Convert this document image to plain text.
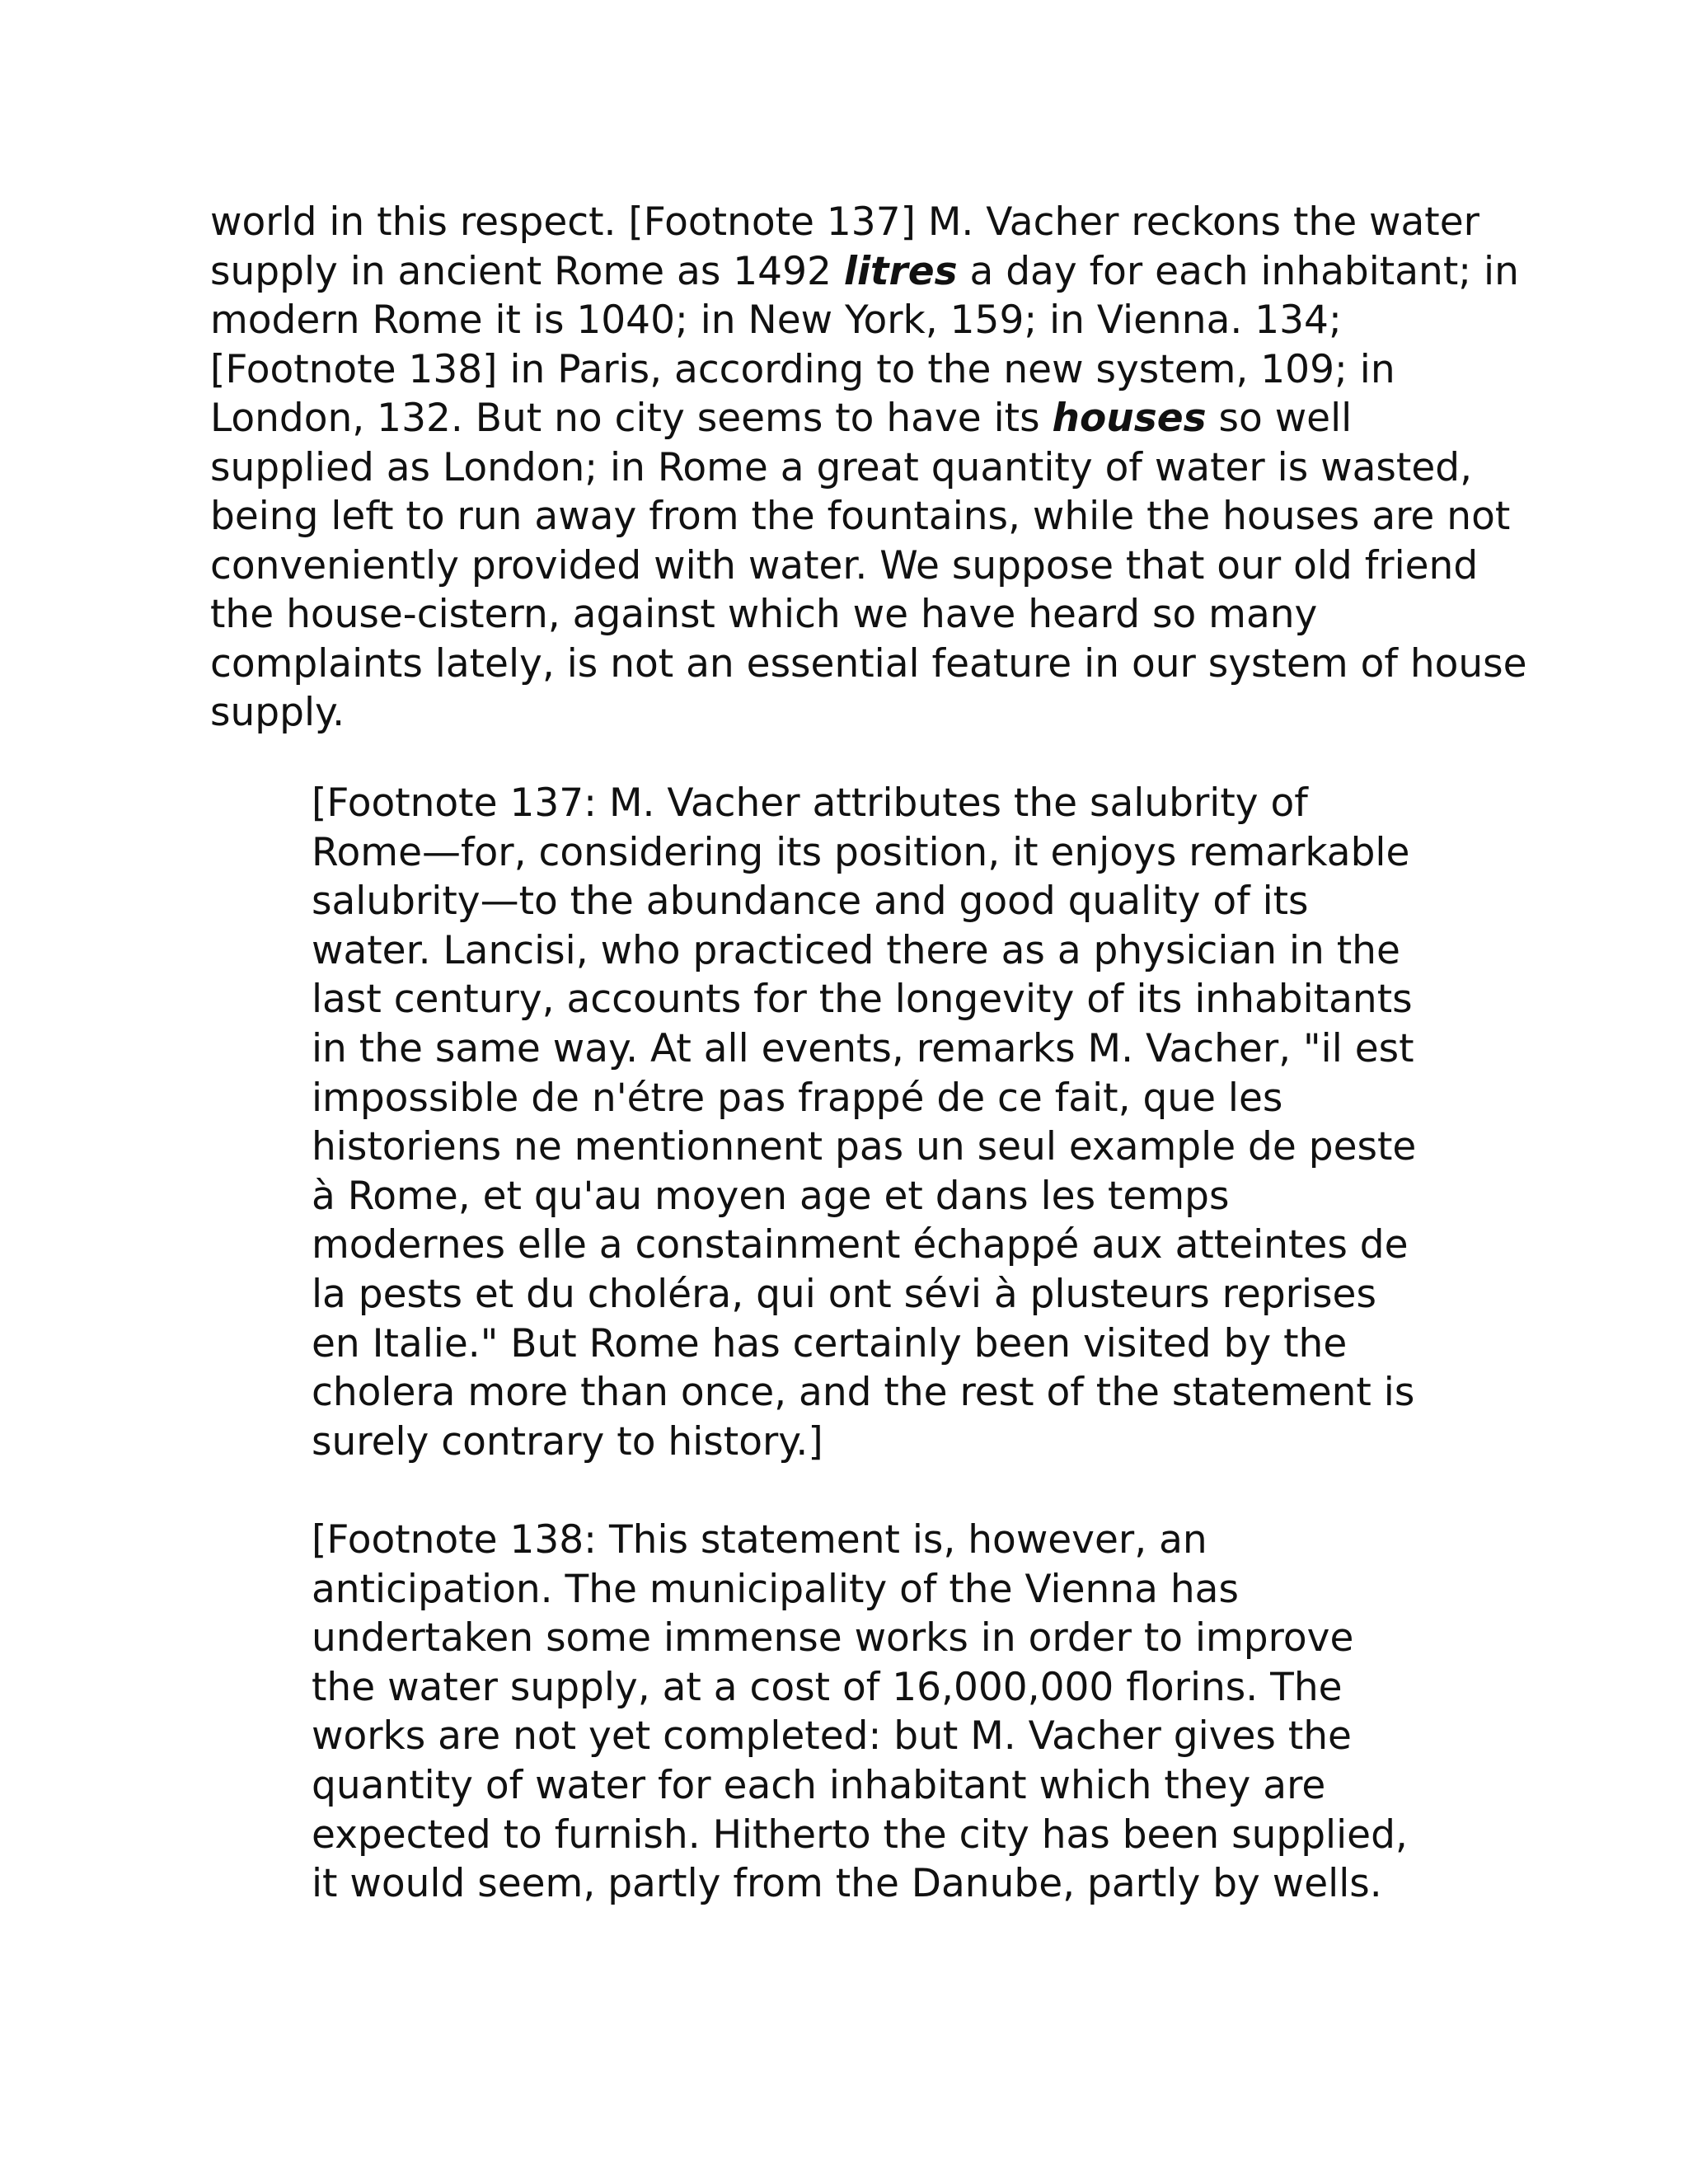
world in this respect. [Footnote 137] M. Vacher reckons the water
supply in ancient Rome as 1492 litres a day for each inhabitant; in
modern Rome it is 1040; in New York, 159; in Vienna. 134;
[Footnote 138] in Paris, according to the new system, 109; in
London, 132. But no city seems to have its houses so well
supplied as London; in Rome a great quantity of water is wasted,
being left to run away from the fountains, while the houses are not
conveniently provided with water. We suppose that our old friend
the house-cistern, against which we have heard so many
complaints lately, is not an essential feature in our system of house
supply.

[Footnote 137: M. Vacher attributes the salubrity of
Rome—for, considering its position, it enjoys remarkable
salubrity—to the abundance and good quality of its
water. Lancisi, who practiced there as a physician in the
last century, accounts for the longevity of its inhabitants
in the same way. At all events, remarks M. Vacher, "il est
impossible de n'étre pas frappé de ce fait, que les
historiens ne mentionnent pas un seul example de peste
à Rome, et qu'au moyen age et dans les temps
modernes elle a constainment échappé aux atteintes de
la pests et du choléra, qui ont sévi à plusteurs reprises
en Italie." But Rome has certainly been visited by the
cholera more than once, and the rest of the statement is
surely contrary to history.]

[Footnote 138: This statement is, however, an
anticipation. The municipality of the Vienna has
undertaken some immense works in order to improve
the water supply, at a cost of 16,000,000 florins. The
works are not yet completed: but M. Vacher gives the
quantity of water for each inhabitant which they are
expected to furnish. Hitherto the city has been supplied,
it would seem, partly from the Danube, partly by wells.
